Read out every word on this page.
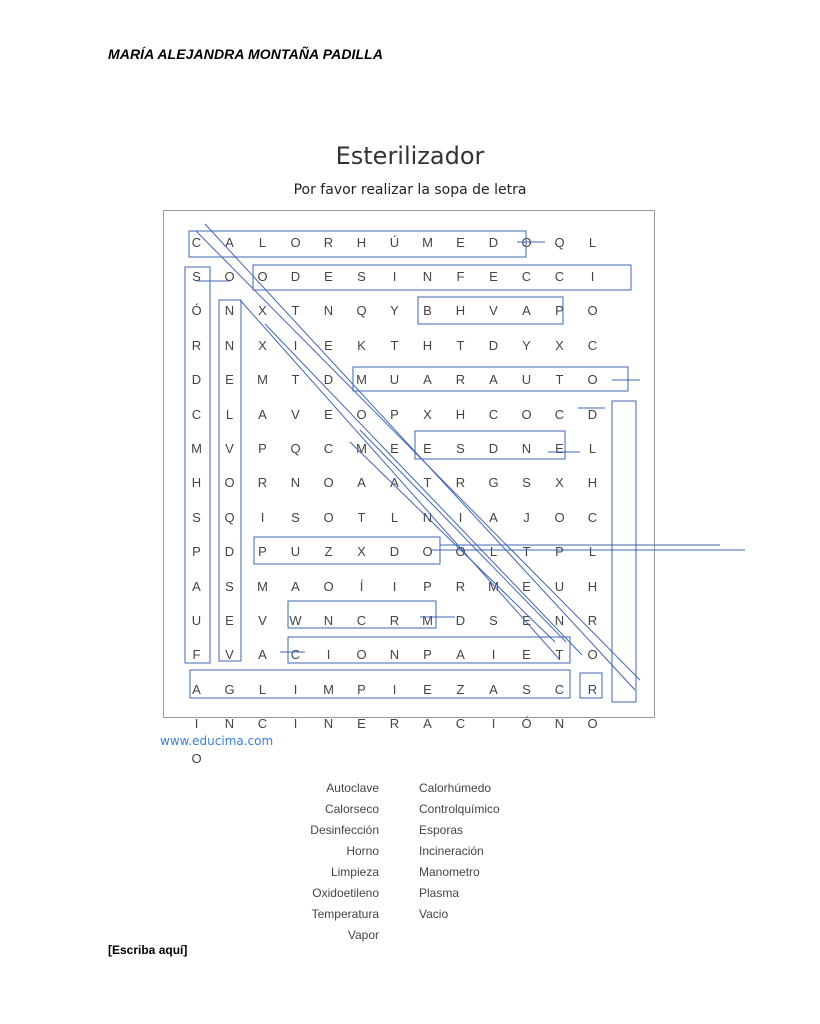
MARÍA ALEJANDRA MONTAÑA PADILLA
Esterilizador
Por favor realizar la sopa de letra
C	A	L	O	R	H	Ú	M	E	D	O	Q	L
S	O	O	D	E	S	I	N	F	E	C	C	I
Ó	N	X	T	N	Q	Y	B	H	V	A	P	O
R	N	X	I	E	K	T	H	T	D	Y	X	C
D	E	M	T	D	M	U	A	R	A	U	T	O
C	L	A	V	E	O	P	X	H	C	O	C	D
M	V	P	Q	C	M	E	E	S	D	N	E	L
H	O	R	N	O	A	A	T	R	G	S	X	H
S	Q	I	S	O	T	L	N	I	A	J	O	C
P	D	P	U	Z	X	D	O	O	L	T	P	L
A	S	M	A	O	Í	I	P	R	M	E	U	H
U	E	V	W	N	C	R	M	D	S	E	N	R
F	V	A	C	I	O	N	P	A	I	E	T	O
A	G	L	I	M	P	I	E	Z	A	S	C	R
I	N	C	I	N	E	R	A	C	I	Ó	N	O
O
www.educima.com
Autoclave
Calorseco
Desinfección
Horno
Limpieza
Oxidoetileno
Temperatura
Vapor
Calorhúmedo
Controlquímico
Esporas
Incineración
Manometro
Plasma
Vacio
[Escriba aquí]
